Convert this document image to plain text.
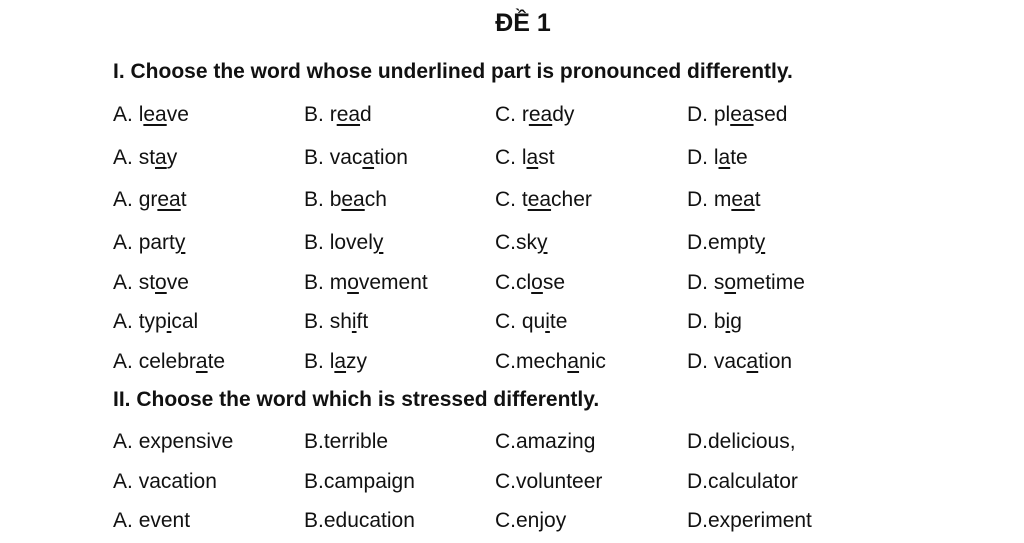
ĐỀ 1
I. Choose the word whose underlined part is pronounced differently.
A. leave	B. read	C. ready	D. pleased
A. stay	B. vacation	C. last	D. late
A. great	B. beach	C. teacher	D. meat
A. party	B. lovely	C.sky	D.empty
A. stove	B. movement	C.close	D. sometime
A. typical	B. shift	C. quite	D. big
A. celebrate	B. lazy	C.mechanic	D. vacation
II. Choose the word which is stressed differently.
A. expensive	B.terrible	C.amazing	D.delicious,
A. vacation	B.campaign	C.volunteer	D.calculator
A. event	B.education	C.enjoy	D.experiment
